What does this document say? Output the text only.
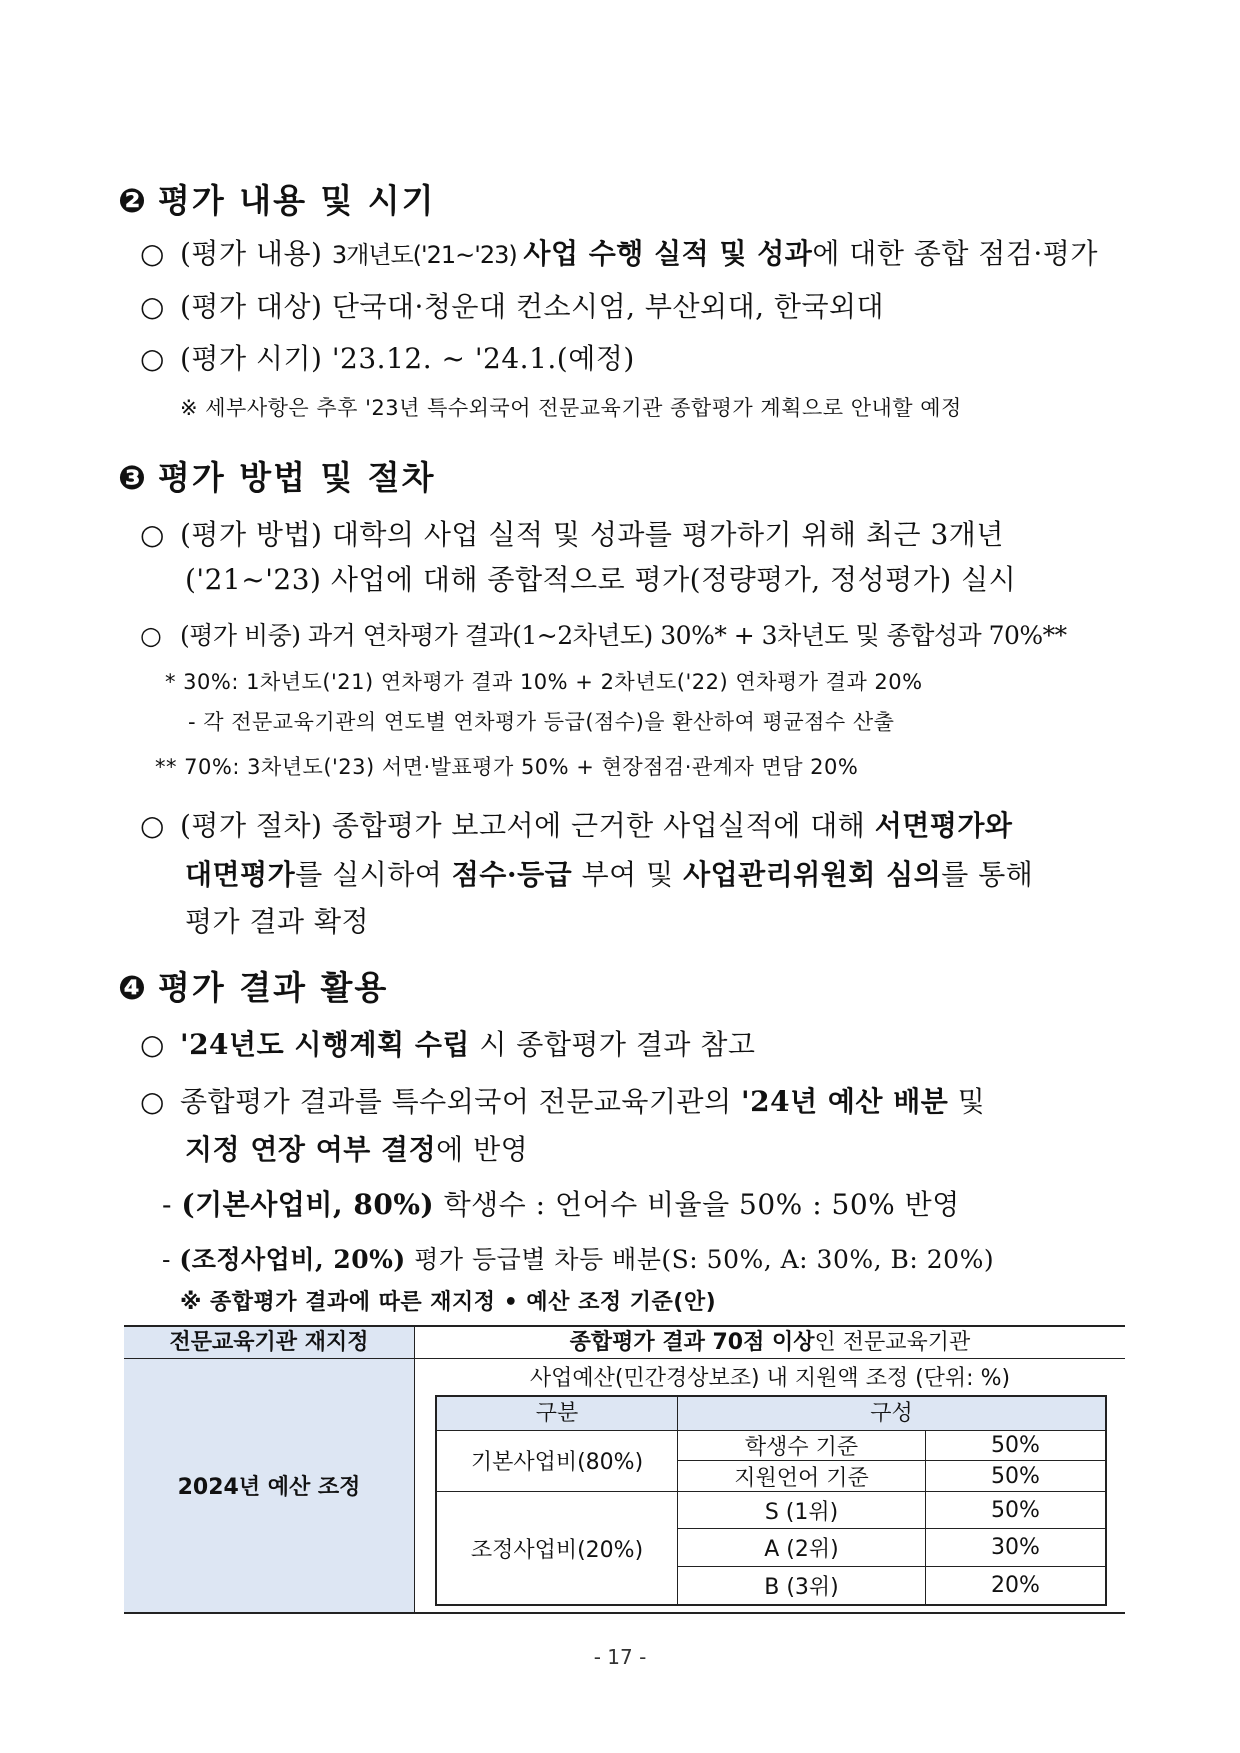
❷ 평가 내용 및 시기
○ (평가 내용) 3개년도('21~'23) 사업 수행 실적 및 성과에 대한 종합 점검·평가
○ (평가 대상) 단국대·청운대 컨소시엄, 부산외대, 한국외대
○ (평가 시기) '23.12. ~ '24.1.(예정)
※ 세부사항은 추후 '23년 특수외국어 전문교육기관 종합평가 계획으로 안내할 예정
❸ 평가 방법 및 절차
○ (평가 방법) 대학의 사업 실적 및 성과를 평가하기 위해 최근 3개년
('21~'23) 사업에 대해 종합적으로 평가(정량평가, 정성평가) 실시
○ (평가 비중) 과거 연차평가 결과(1~2차년도) 30%* + 3차년도 및 종합성과 70%**
* 30%: 1차년도('21) 연차평가 결과 10% + 2차년도('22) 연차평가 결과 20%
- 각 전문교육기관의 연도별 연차평가 등급(점수)을 환산하여 평균점수 산출
** 70%: 3차년도('23) 서면·발표평가 50% + 현장점검·관계자 면담 20%
○ (평가 절차) 종합평가 보고서에 근거한 사업실적에 대해 서면평가와
대면평가를 실시하여 점수·등급 부여 및 사업관리위원회 심의를 통해
평가 결과 확정
❹ 평가 결과 활용
○ '24년도 시행계획 수립 시 종합평가 결과 참고
○ 종합평가 결과를 특수외국어 전문교육기관의 '24년 예산 배분 및
지정 연장 여부 결정에 반영
- (기본사업비, 80%) 학생수 : 언어수 비율을 50% : 50% 반영
- (조정사업비, 20%) 평가 등급별 차등 배분(S: 50%, A: 30%, B: 20%)
※ 종합평가 결과에 따른 재지정 • 예산 조정 기준(안)
전문교육기관 재지정	종합평가 결과 70점 이상인 전문교육기관
2024년 예산 조정
사업예산(민간경상보조) 내 지원액 조정 (단위: %)
구분	구성
기본사업비(80%)
학생수 기준	50%
지원언어 기준	50%
조정사업비(20%)
S (1위)	50%
A (2위)	30%
B (3위)	20%
- 17 -
